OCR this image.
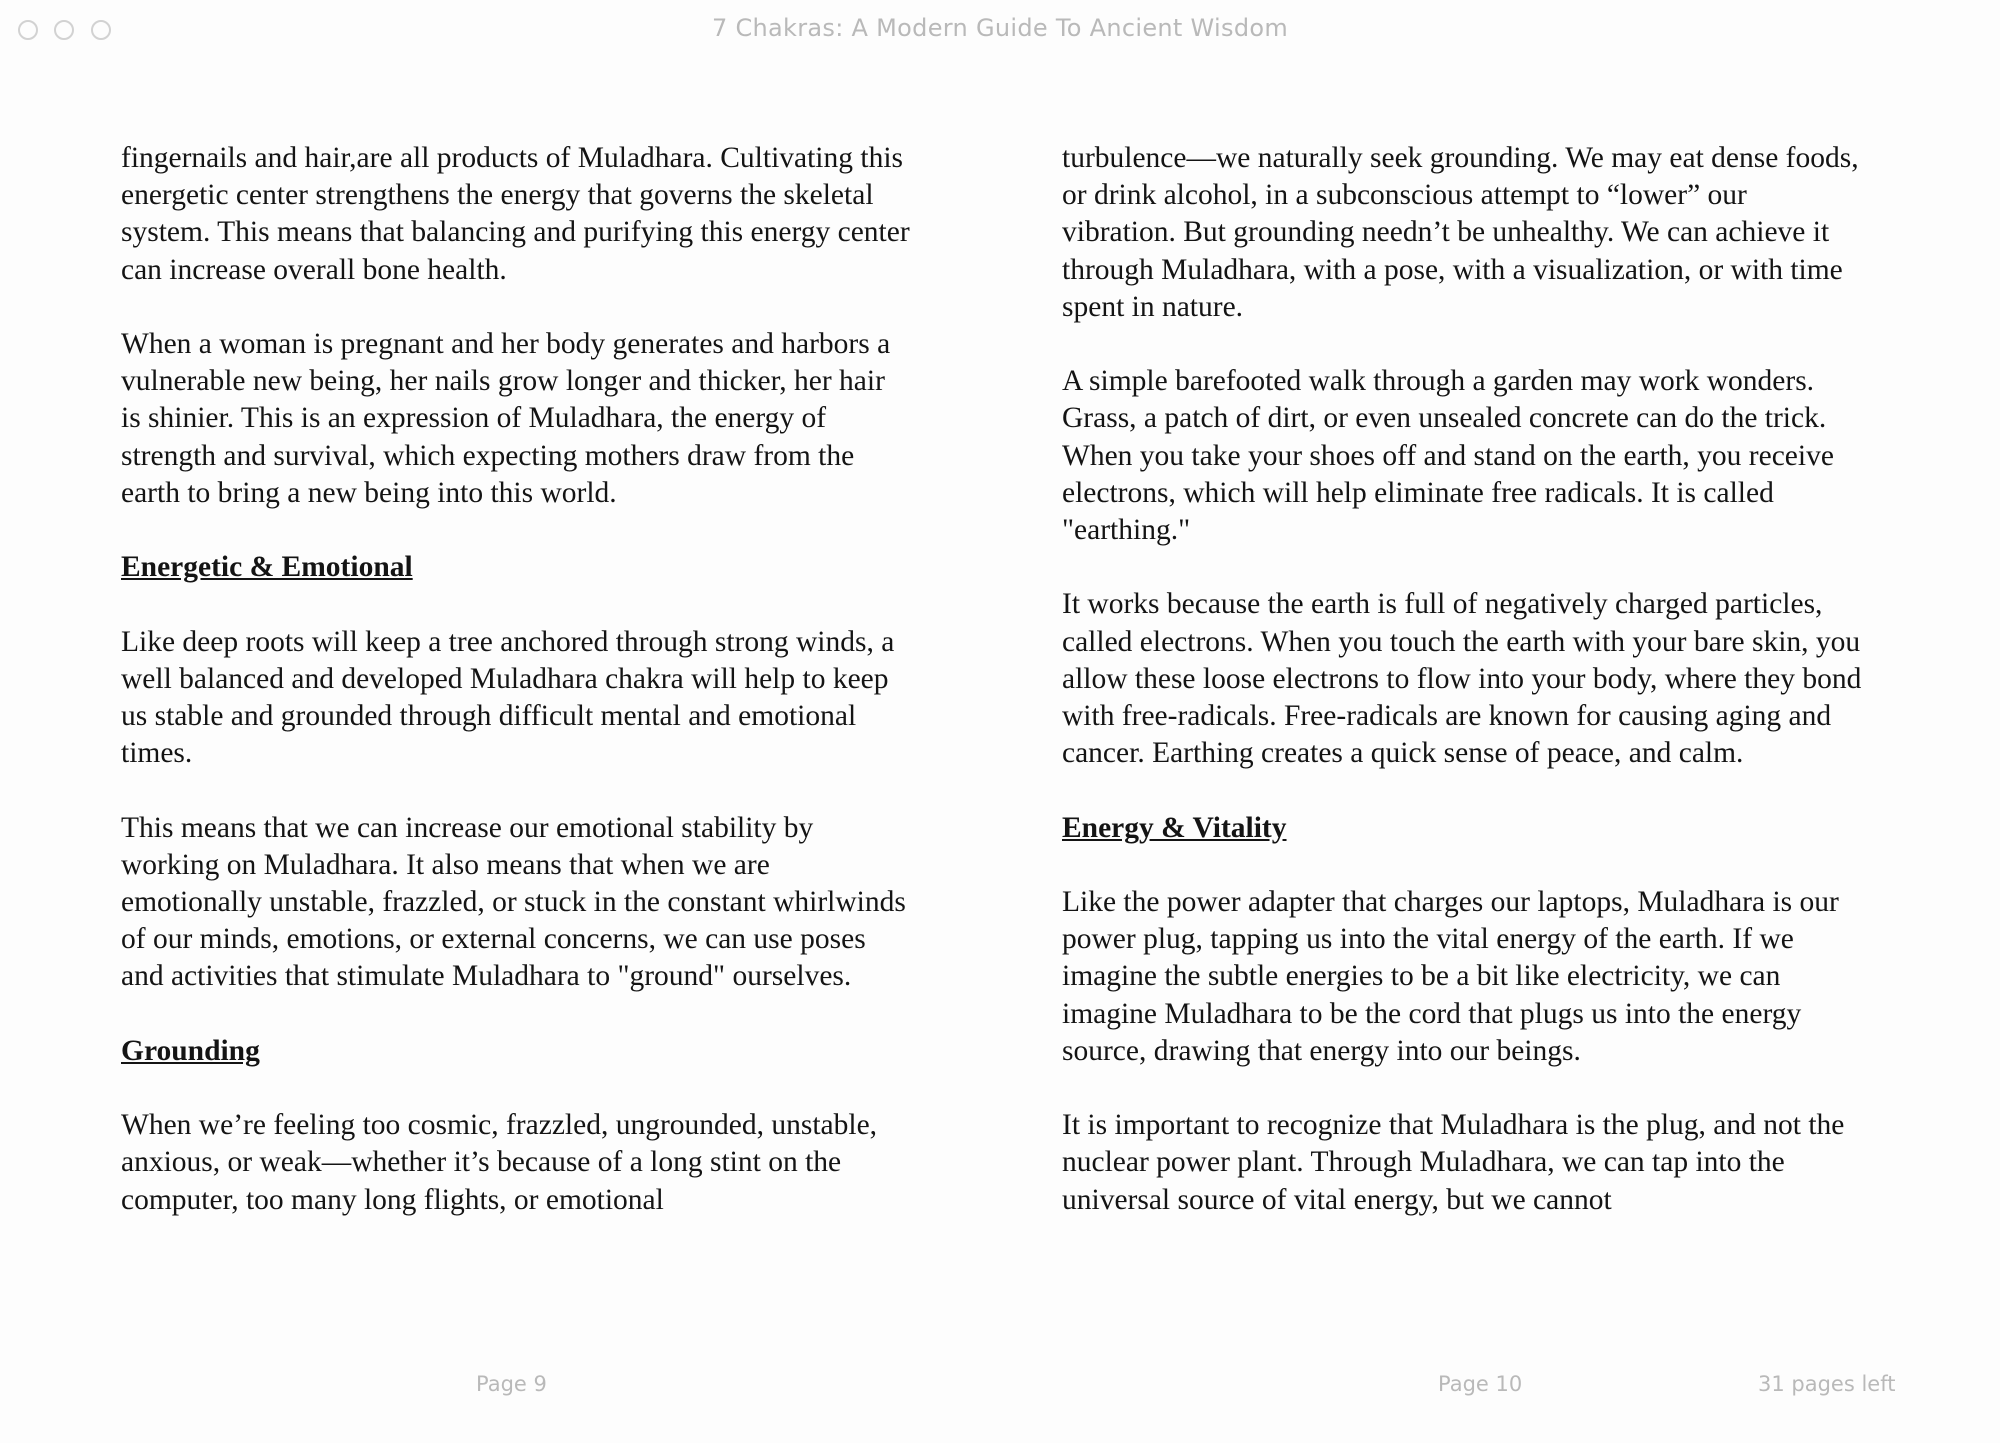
7 Chakras: A Modern Guide To Ancient Wisdom

fingernails and hair,are all products of Muladhara. Cultivating this energetic center strengthens the energy that governs the skeletal system. This means that balancing and purifying this energy center can increase overall bone health.

When a woman is pregnant and her body generates and harbors a vulnerable new being, her nails grow longer and thicker, her hair is shinier. This is an expression of Muladhara, the energy of strength and survival, which expecting mothers draw from the earth to bring a new being into this world.

Energetic & Emotional

Like deep roots will keep a tree anchored through strong winds, a well balanced and developed Muladhara chakra will help to keep us stable and grounded through difficult mental and emotional times.

This means that we can increase our emotional stability by working on Muladhara. It also means that when we are emotionally unstable, frazzled, or stuck in the constant whirlwinds of our minds, emotions, or external concerns, we can use poses and activities that stimulate Muladhara to "ground" ourselves.

Grounding

When we’re feeling too cosmic, frazzled, ungrounded, unstable, anxious, or weak—whether it’s because of a long stint on the computer, too many long flights, or emotional

turbulence—we naturally seek grounding. We may eat dense foods, or drink alcohol, in a subconscious attempt to “lower” our vibration. But grounding needn’t be unhealthy. We can achieve it through Muladhara, with a pose, with a visualization, or with time spent in nature.

A simple barefooted walk through a garden may work wonders. Grass, a patch of dirt, or even unsealed concrete can do the trick. When you take your shoes off and stand on the earth, you receive electrons, which will help eliminate free radicals. It is called "earthing."

It works because the earth is full of negatively charged particles, called electrons. When you touch the earth with your bare skin, you allow these loose electrons to flow into your body, where they bond with free-radicals. Free-radicals are known for causing aging and cancer. Earthing creates a quick sense of peace, and calm.

Energy & Vitality

Like the power adapter that charges our laptops, Muladhara is our power plug, tapping us into the vital energy of the earth. If we imagine the subtle energies to be a bit like electricity, we can imagine Muladhara to be the cord that plugs us into the energy source, drawing that energy into our beings.

It is important to recognize that Muladhara is the plug, and not the nuclear power plant. Through Muladhara, we can tap into the universal source of vital energy, but we cannot

Page 9	Page 10	31 pages left
